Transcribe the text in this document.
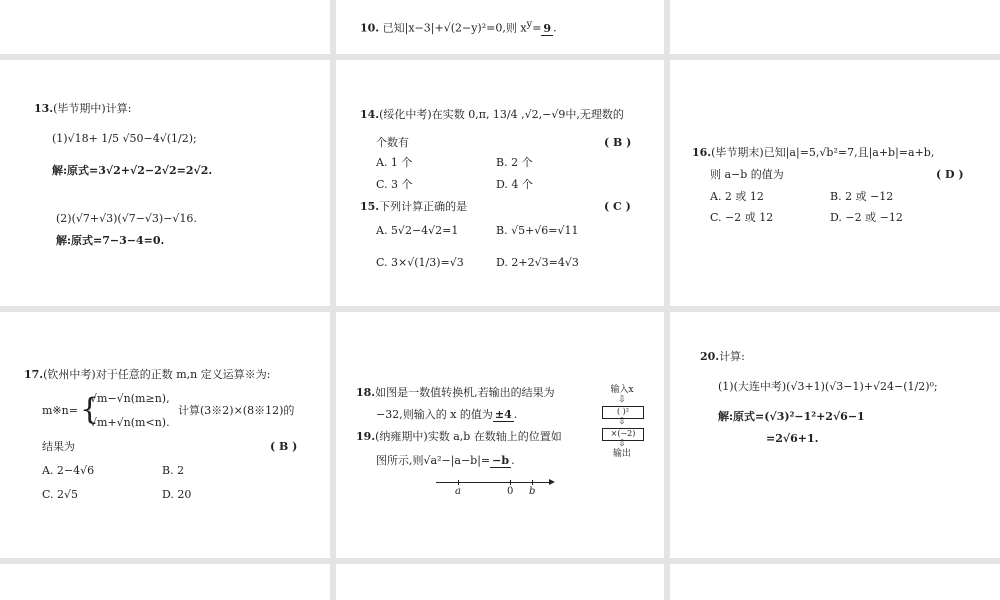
10. 已知|x−3|+√(2−y)²=0,则 $x^y= 9$ .
13.(毕节期中)计算:
(1)√18+ 1/5 √50−4√(1/2);
解:原式=3√2+√2−2√2=2√2.
(2)(√7+√3)(√7−√3)−√16.
解:原式=7−3−4=0.
14.(绥化中考)在实数 0,π, 13/4 ,√2,−√9中,无理数的
个数有	( B )
A. 1 个	B. 2 个
C. 3 个	D. 4 个
15.下列计算正确的是	( C )
A. 5√2−4√2=1	B. √5+√6=√11
C. 3×√(1/3)=√3	D. 2+2√3=4√3
16.(毕节期末)已知|a|=5,√b²=7,且|a+b|=a+b,
则 a−b 的值为	( D )
A. 2 或 12	B. 2 或 −12
C. −2 或 12	D. −2 或 −12
17.(钦州中考)对于任意的正数 m,n 定义运算※为:
m※n= {
√m−√n(m≥n),
√m+√n(m<n).
计算(3※2)×(8※12)的
结果为	( B )
A. 2−4√6	B. 2
C. 2√5	D. 20
18.如图是一数值转换机,若输出的结果为
−32,则输入的 x 的值为 ±4 .
输入x
⇩
( )²
⇩
×(−2)
⇩
输出
19.(纳雍期中)实数 a,b 在数轴上的位置如
图所示,则√a²−|a−b|= −b .
a	0 b
20.计算:
(1)(大连中考)(√3+1)(√3−1)+√24−(1/2)⁰;
解:原式=(√3)²−1²+2√6−1
=2√6+1.
